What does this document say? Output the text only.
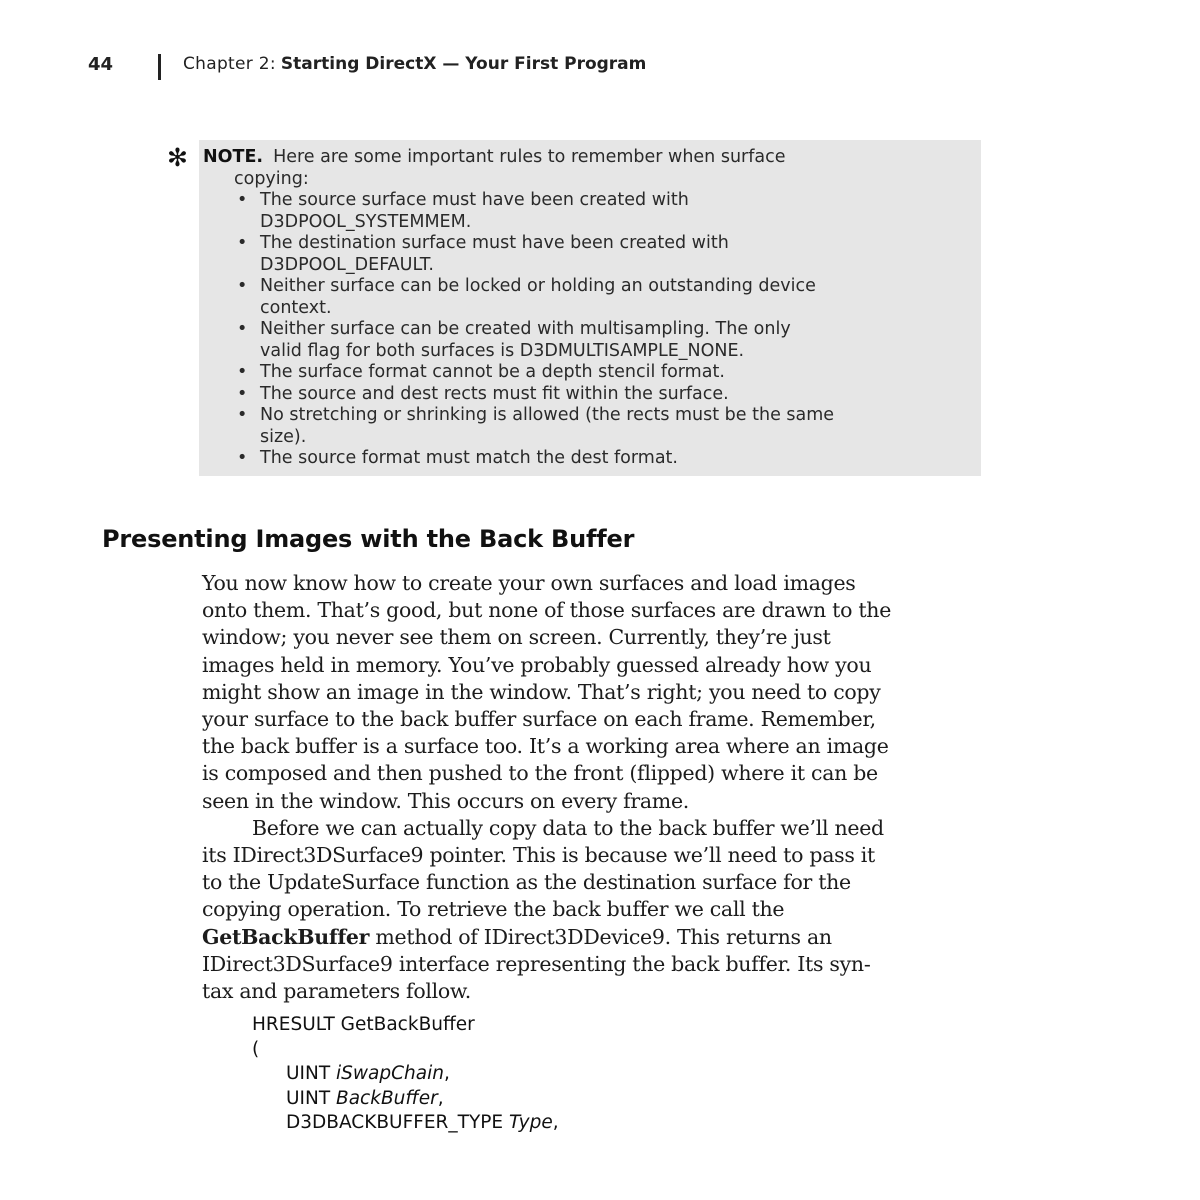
44	Chapter 2: Starting DirectX — Your First Program
✻ NOTE. Here are some important rules to remember when surface
copying:
• The source surface must have been created with
D3DPOOL_SYSTEMMEM.
• The destination surface must have been created with
D3DPOOL_DEFAULT.
• Neither surface can be locked or holding an outstanding device
context.
• Neither surface can be created with multisampling. The only
valid flag for both surfaces is D3DMULTISAMPLE_NONE.
• The surface format cannot be a depth stencil format.
• The source and dest rects must fit within the surface.
• No stretching or shrinking is allowed (the rects must be the same
size).
• The source format must match the dest format.
Presenting Images with the Back Buffer

You now know how to create your own surfaces and load images
onto them. That’s good, but none of those surfaces are drawn to the
window; you never see them on screen. Currently, they’re just
images held in memory. You’ve probably guessed already how you
might show an image in the window. That’s right; you need to copy
your surface to the back buffer surface on each frame. Remember,
the back buffer is a surface too. It’s a working area where an image
is composed and then pushed to the front (flipped) where it can be
seen in the window. This occurs on every frame.

Before we can actually copy data to the back buffer we’ll need
its IDirect3DSurface9 pointer. This is because we’ll need to pass it
to the UpdateSurface function as the destination surface for the
copying operation. To retrieve the back buffer we call the
GetBackBuffer method of IDirect3DDevice9. This returns an
IDirect3DSurface9 interface representing the back buffer. Its syn-
tax and parameters follow.

HRESULT GetBackBuffer
(
UINT iSwapChain,
UINT BackBuffer,
D3DBACKBUFFER_TYPE Type,
